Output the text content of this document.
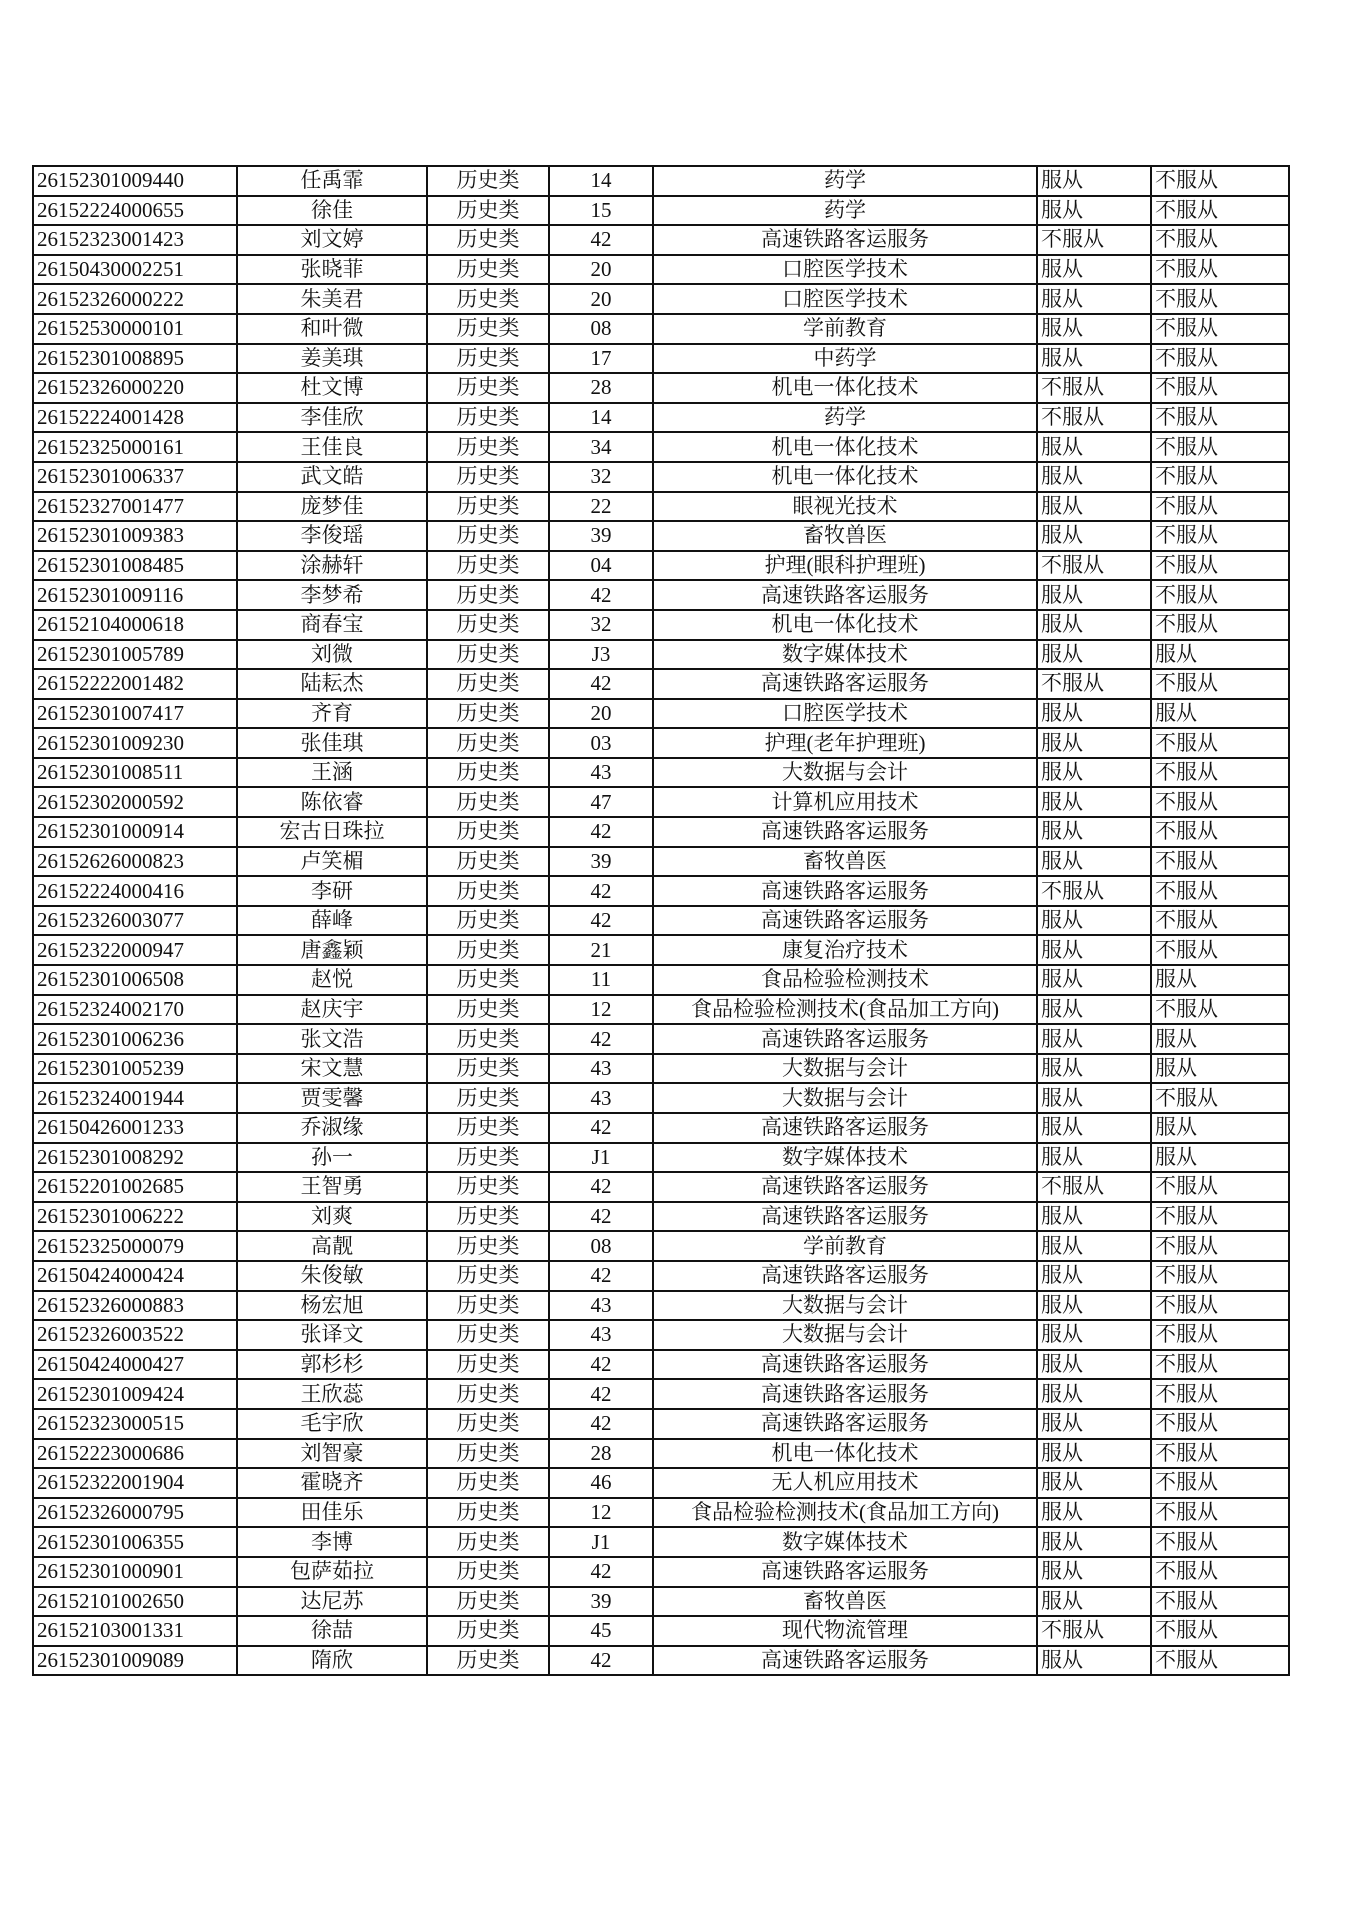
26152301009440	任禹霏	历史类	14	药学	服从	不服从
26152224000655	徐佳	历史类	15	药学	服从	不服从
26152323001423	刘文婷	历史类	42	高速铁路客运服务	不服从	不服从
26150430002251	张晓菲	历史类	20	口腔医学技术	服从	不服从
26152326000222	朱美君	历史类	20	口腔医学技术	服从	不服从
26152530000101	和叶微	历史类	08	学前教育	服从	不服从
26152301008895	姜美琪	历史类	17	中药学	服从	不服从
26152326000220	杜文博	历史类	28	机电一体化技术	不服从	不服从
26152224001428	李佳欣	历史类	14	药学	不服从	不服从
26152325000161	王佳良	历史类	34	机电一体化技术	服从	不服从
26152301006337	武文皓	历史类	32	机电一体化技术	服从	不服从
26152327001477	庞梦佳	历史类	22	眼视光技术	服从	不服从
26152301009383	李俊瑶	历史类	39	畜牧兽医	服从	不服从
26152301008485	涂赫轩	历史类	04	护理(眼科护理班)	不服从	不服从
26152301009116	李梦希	历史类	42	高速铁路客运服务	服从	不服从
26152104000618	商春宝	历史类	32	机电一体化技术	服从	不服从
26152301005789	刘微	历史类	J3	数字媒体技术	服从	服从
26152222001482	陆耘杰	历史类	42	高速铁路客运服务	不服从	不服从
26152301007417	齐育	历史类	20	口腔医学技术	服从	服从
26152301009230	张佳琪	历史类	03	护理(老年护理班)	服从	不服从
26152301008511	王涵	历史类	43	大数据与会计	服从	不服从
26152302000592	陈依睿	历史类	47	计算机应用技术	服从	不服从
26152301000914	宏古日珠拉	历史类	42	高速铁路客运服务	服从	不服从
26152626000823	卢笑楣	历史类	39	畜牧兽医	服从	不服从
26152224000416	李研	历史类	42	高速铁路客运服务	不服从	不服从
26152326003077	薛峰	历史类	42	高速铁路客运服务	服从	不服从
26152322000947	唐鑫颖	历史类	21	康复治疗技术	服从	不服从
26152301006508	赵悦	历史类	11	食品检验检测技术	服从	服从
26152324002170	赵庆宇	历史类	12	食品检验检测技术(食品加工方向)	服从	不服从
26152301006236	张文浩	历史类	42	高速铁路客运服务	服从	服从
26152301005239	宋文慧	历史类	43	大数据与会计	服从	服从
26152324001944	贾雯馨	历史类	43	大数据与会计	服从	不服从
26150426001233	乔淑缘	历史类	42	高速铁路客运服务	服从	服从
26152301008292	孙一	历史类	J1	数字媒体技术	服从	服从
26152201002685	王智勇	历史类	42	高速铁路客运服务	不服从	不服从
26152301006222	刘爽	历史类	42	高速铁路客运服务	服从	不服从
26152325000079	高靓	历史类	08	学前教育	服从	不服从
26150424000424	朱俊敏	历史类	42	高速铁路客运服务	服从	不服从
26152326000883	杨宏旭	历史类	43	大数据与会计	服从	不服从
26152326003522	张译文	历史类	43	大数据与会计	服从	不服从
26150424000427	郭杉杉	历史类	42	高速铁路客运服务	服从	不服从
26152301009424	王欣蕊	历史类	42	高速铁路客运服务	服从	不服从
26152323000515	毛宇欣	历史类	42	高速铁路客运服务	服从	不服从
26152223000686	刘智豪	历史类	28	机电一体化技术	服从	不服从
26152322001904	霍晓齐	历史类	46	无人机应用技术	服从	不服从
26152326000795	田佳乐	历史类	12	食品检验检测技术(食品加工方向)	服从	不服从
26152301006355	李博	历史类	J1	数字媒体技术	服从	不服从
26152301000901	包萨茹拉	历史类	42	高速铁路客运服务	服从	不服从
26152101002650	达尼苏	历史类	39	畜牧兽医	服从	不服从
26152103001331	徐喆	历史类	45	现代物流管理	不服从	不服从
26152301009089	隋欣	历史类	42	高速铁路客运服务	服从	不服从
